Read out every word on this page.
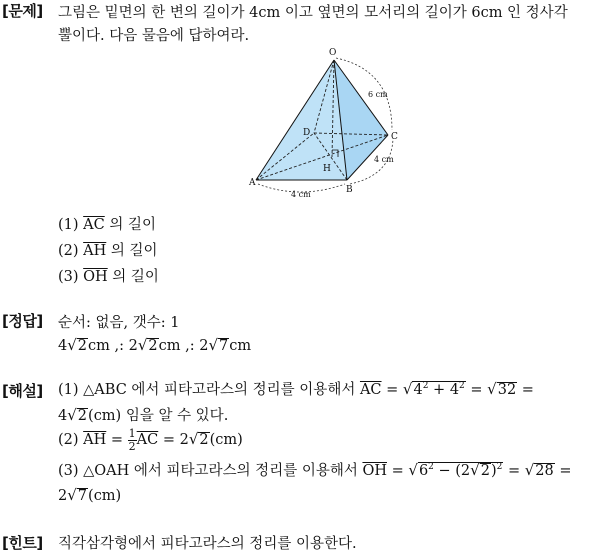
[문제] 그림은 밑면의 한 변의 길이가 4cm 이고 옆면의 모서리의 길이가 6cm 인 정사각
뿔이다. 다음 물음에 답하여라.
O
D	C
H
A
B
6 cm
4 cm
4 cm
(1) $\overline{AC}$ 의 길이
(2) $\overline{AH}$ 의 길이
(3) $\overline{OH}$ 의 길이
[정답] 순서: 없음, 갯수: 1
4√2cm ,: 2√2cm ,: 2√7cm
[해설] (1) △ABC 에서 피타고라스의 정리를 이용해서 $\overline{AC} = √4^2 + 4^2 = √32$ =
4√2(cm) 임을 알 수 있다.
(2) $\overline{AH} = \frac{1}{2} \overline{AC} = 2√2(cm)$
(3) △OAH 에서 피타고라스의 정리를 이용해서 $\overline{OH} = √6^2 - (2√2)^2 = √28$ =
2√7(cm)
[힌트] 직각삼각형에서 피타고라스의 정리를 이용한다.
